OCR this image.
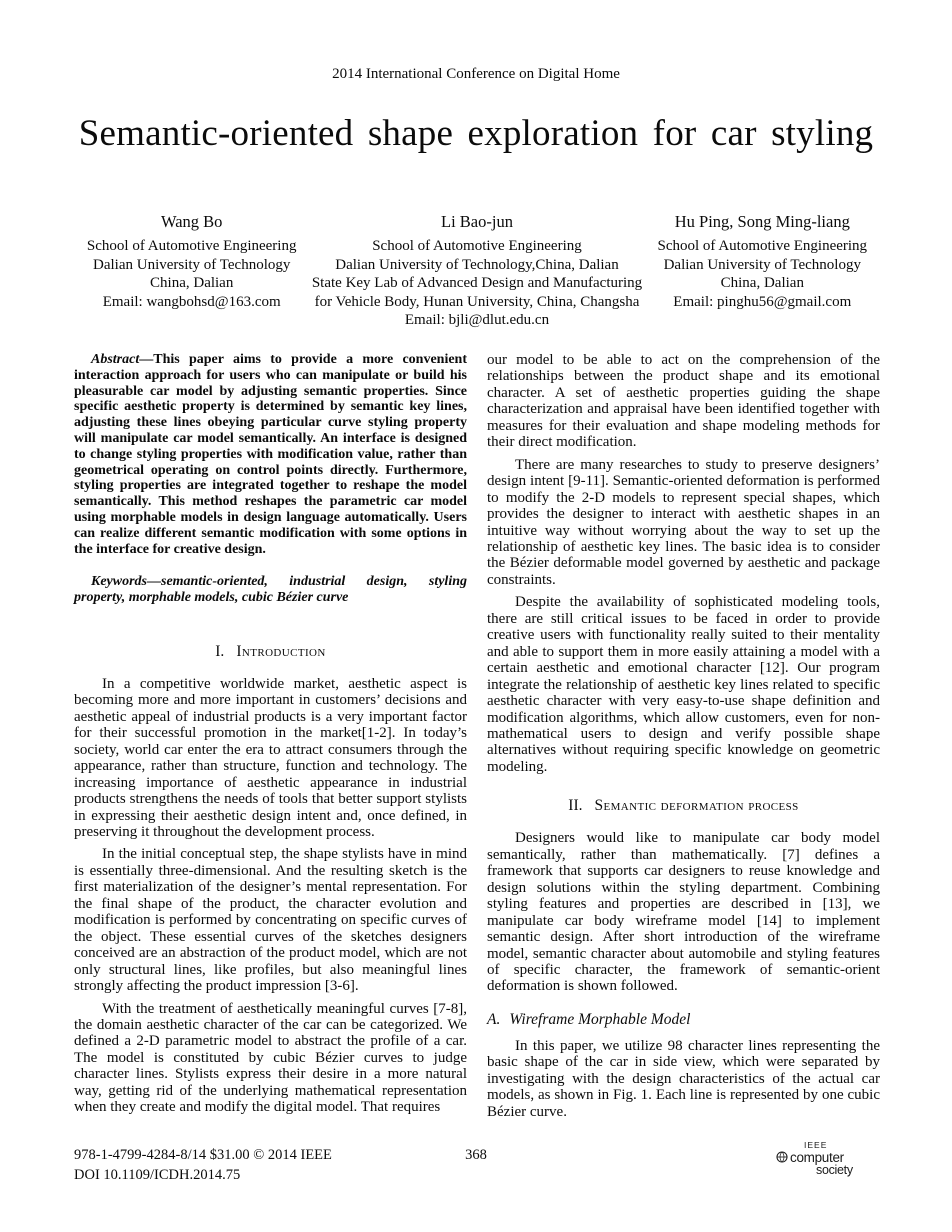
2014 International Conference on Digital Home
Semantic-oriented shape exploration for car styling
Wang Bo
School of Automotive Engineering
Dalian University of Technology
China, Dalian
Email: wangbohsd@163.com
Li Bao-jun
School of Automotive Engineering
Dalian University of Technology,China, Dalian
State Key Lab of Advanced Design and Manufacturing
for Vehicle Body, Hunan University, China, Changsha
Email: bjli@dlut.edu.cn
Hu Ping, Song Ming-liang
School of Automotive Engineering
Dalian University of Technology
China, Dalian
Email: pinghu56@gmail.com

Abstract—This paper aims to provide a more convenient interaction approach for users who can manipulate or build his pleasurable car model by adjusting semantic properties. Since specific aesthetic property is determined by semantic key lines, adjusting these lines obeying particular curve styling property will manipulate car model semantically. An interface is designed to change styling properties with modification value, rather than geometrical operating on control points directly. Furthermore, styling properties are integrated together to reshape the model semantically. This method reshapes the parametric car model using morphable models in design language automatically. Users can realize different semantic modification with some options in the interface for creative design.

Keywords—semantic-oriented, industrial design, styling property, morphable models, cubic Bézier curve

I. Introduction

In a competitive worldwide market, aesthetic aspect is becoming more and more important in customers’ decisions and aesthetic appeal of industrial products is a very important factor for their successful promotion in the market[1-2]. In today’s society, world car enter the era to attract consumers through the appearance, rather than structure, function and technology. The increasing importance of aesthetic appearance in industrial products strengthens the needs of tools that better support stylists in expressing their aesthetic design intent and, once defined, in preserving it throughout the development process.

In the initial conceptual step, the shape stylists have in mind is essentially three-dimensional. And the resulting sketch is the first materialization of the designer’s mental representation. For the final shape of the product, the character evolution and modification is performed by concentrating on specific curves of the object. These essential curves of the sketches designers conceived are an abstraction of the product model, which are not only structural lines, like profiles, but also meaningful lines strongly affecting the product impression [3-6].

With the treatment of aesthetically meaningful curves [7-8], the domain aesthetic character of the car can be categorized. We defined a 2-D parametric model to abstract the profile of a car. The model is constituted by cubic Bézier curves to judge character lines. Stylists express their desire in a more natural way, getting rid of the underlying mathematical representation when they create and modify the digital model. That requires

our model to be able to act on the comprehension of the relationships between the product shape and its emotional character. A set of aesthetic properties guiding the shape characterization and appraisal have been identified together with measures for their evaluation and shape modeling methods for their direct modification.

There are many researches to study to preserve designers’ design intent [9-11]. Semantic-oriented deformation is performed to modify the 2-D models to represent special shapes, which provides the designer to interact with aesthetic shapes in an intuitive way without worrying about the way to set up the relationship of aesthetic key lines. The basic idea is to consider the Bézier deformable model governed by aesthetic and package constraints.

Despite the availability of sophisticated modeling tools, there are still critical issues to be faced in order to provide creative users with functionality really suited to their mentality and able to support them in more easily attaining a model with a certain aesthetic and emotional character [12]. Our program integrate the relationship of aesthetic key lines related to specific aesthetic character with very easy-to-use shape definition and modification algorithms, which allow customers, even for non-mathematical users to design and verify possible shape alternatives without requiring specific knowledge on geometric modeling.

II. Semantic deformation process

Designers would like to manipulate car body model semantically, rather than mathematically. [7] defines a framework that supports car designers to reuse knowledge and design solutions within the styling department. Combining styling features and properties are described in [13], we manipulate car body wireframe model [14] to implement semantic design. After short introduction of the wireframe model, semantic character about automobile and styling features of specific character, the framework of semantic-orient deformation is shown followed.

A. Wireframe Morphable Model

In this paper, we utilize 98 character lines representing the basic shape of the car in side view, which were separated by investigating with the design characteristics of the actual car models, as shown in Fig. 1. Each line is represented by one cubic Bézier curve.

978-1-4799-4284-8/14 $31.00 © 2014 IEEE
DOI 10.1109/ICDH.2014.75
368
IEEE
computer
society
